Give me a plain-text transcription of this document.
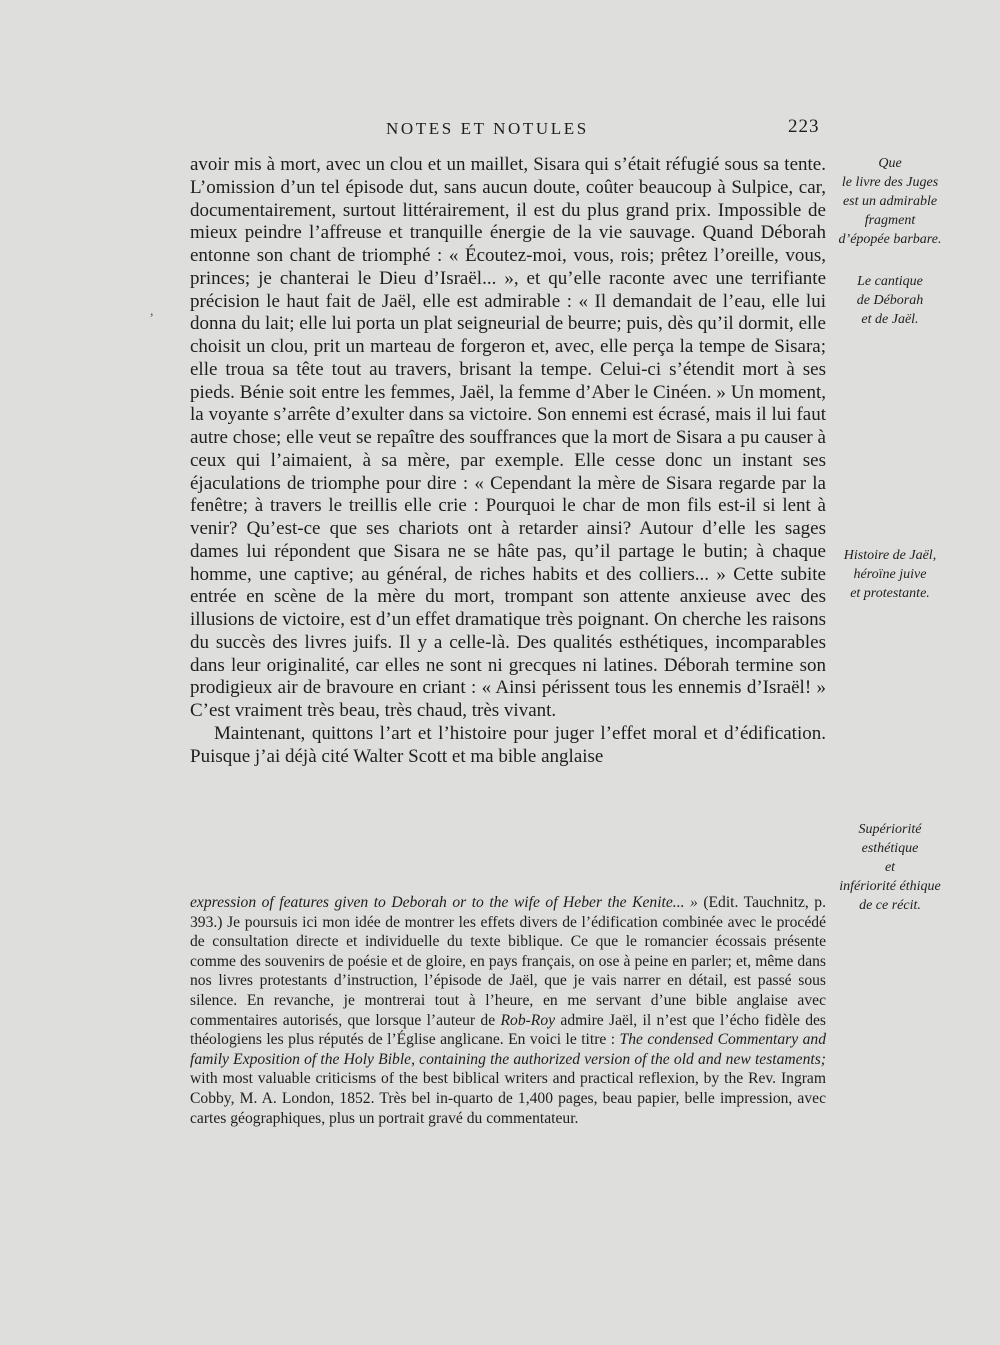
NOTES ET NOTULES	223
,

avoir mis à mort, avec un clou et un maillet, Sisara qui s’était réfugié sous sa tente. L’omission d’un tel épisode dut, sans aucun doute, coûter beaucoup à Sulpice, car, documentairement, surtout littérairement, il est du plus grand prix. Impossible de mieux peindre l’affreuse et tranquille énergie de la vie sauvage. Quand Déborah entonne son chant de triomphé : « Écoutez-moi, vous, rois; prêtez l’oreille, vous, princes; je chanterai le Dieu d’Israël... », et qu’elle raconte avec une terrifiante précision le haut fait de Jaël, elle est admirable : « Il demandait de l’eau, elle lui donna du lait; elle lui porta un plat seigneurial de beurre; puis, dès qu’il dormit, elle choisit un clou, prit un marteau de forgeron et, avec, elle perça la tempe de Sisara; elle troua sa tête tout au travers, brisant la tempe. Celui-ci s’étendit mort à ses pieds. Bénie soit entre les femmes, Jaël, la femme d’Aber le Cinéen. » Un moment, la voyante s’arrête d’exulter dans sa victoire. Son ennemi est écrasé, mais il lui faut autre chose; elle veut se repaître des souffrances que la mort de Sisara a pu causer à ceux qui l’aimaient, à sa mère, par exemple. Elle cesse donc un instant ses éjaculations de triomphe pour dire : « Cependant la mère de Sisara regarde par la fenêtre; à travers le treillis elle crie : Pourquoi le char de mon fils est-il si lent à venir? Qu’est-ce que ses chariots ont à retarder ainsi? Autour d’elle les sages dames lui répondent que Sisara ne se hâte pas, qu’il partage le butin; à chaque homme, une captive; au général, de riches habits et des colliers... » Cette subite entrée en scène de la mère du mort, trompant son attente anxieuse avec des illusions de victoire, est d’un effet dramatique très poignant. On cherche les raisons du succès des livres juifs. Il y a celle-là. Des qualités esthétiques, incomparables dans leur originalité, car elles ne sont ni grecques ni latines. Déborah termine son prodigieux air de bravoure en criant : « Ainsi périssent tous les ennemis d’Israël! » C’est vraiment très beau, très chaud, très vivant.

Maintenant, quittons l’art et l’histoire pour juger l’effet moral et d’édification. Puisque j’ai déjà cité Walter Scott et ma bible anglaise

expression of features given to Deborah or to the wife of Heber the Kenite... » (Edit. Tauchnitz, p. 393.) Je poursuis ici mon idée de montrer les effets divers de l’édification combinée avec le procédé de consultation directe et individuelle du texte biblique. Ce que le romancier écossais présente comme des souvenirs de poésie et de gloire, en pays français, on ose à peine en parler; et, même dans nos livres protestants d’instruction, l’épisode de Jaël, que je vais narrer en détail, est passé sous silence. En revanche, je montrerai tout à l’heure, en me servant d’une bible anglaise avec commentaires autorisés, que lorsque l’auteur de Rob-Roy admire Jaël, il n’est que l’écho fidèle des théologiens les plus réputés de l’Église anglicane. En voici le titre : The condensed Commentary and family Exposition of the Holy Bible, containing the authorized version of the old and new testaments; with most valuable criticisms of the best biblical writers and practical reflexion, by the Rev. Ingram Cobby, M. A. London, 1852. Très bel in-quarto de 1,400 pages, beau papier, belle impression, avec cartes géographiques, plus un portrait gravé du commentateur.

Que
le livre des Juges
est un admirable
fragment
d’épopée barbare.
Le cantique
de Déborah
et de Jaël.
Histoire de Jaël,
héroïne juive
et protestante.
Supériorité
esthétique
et
infériorité éthique
de ce récit.
